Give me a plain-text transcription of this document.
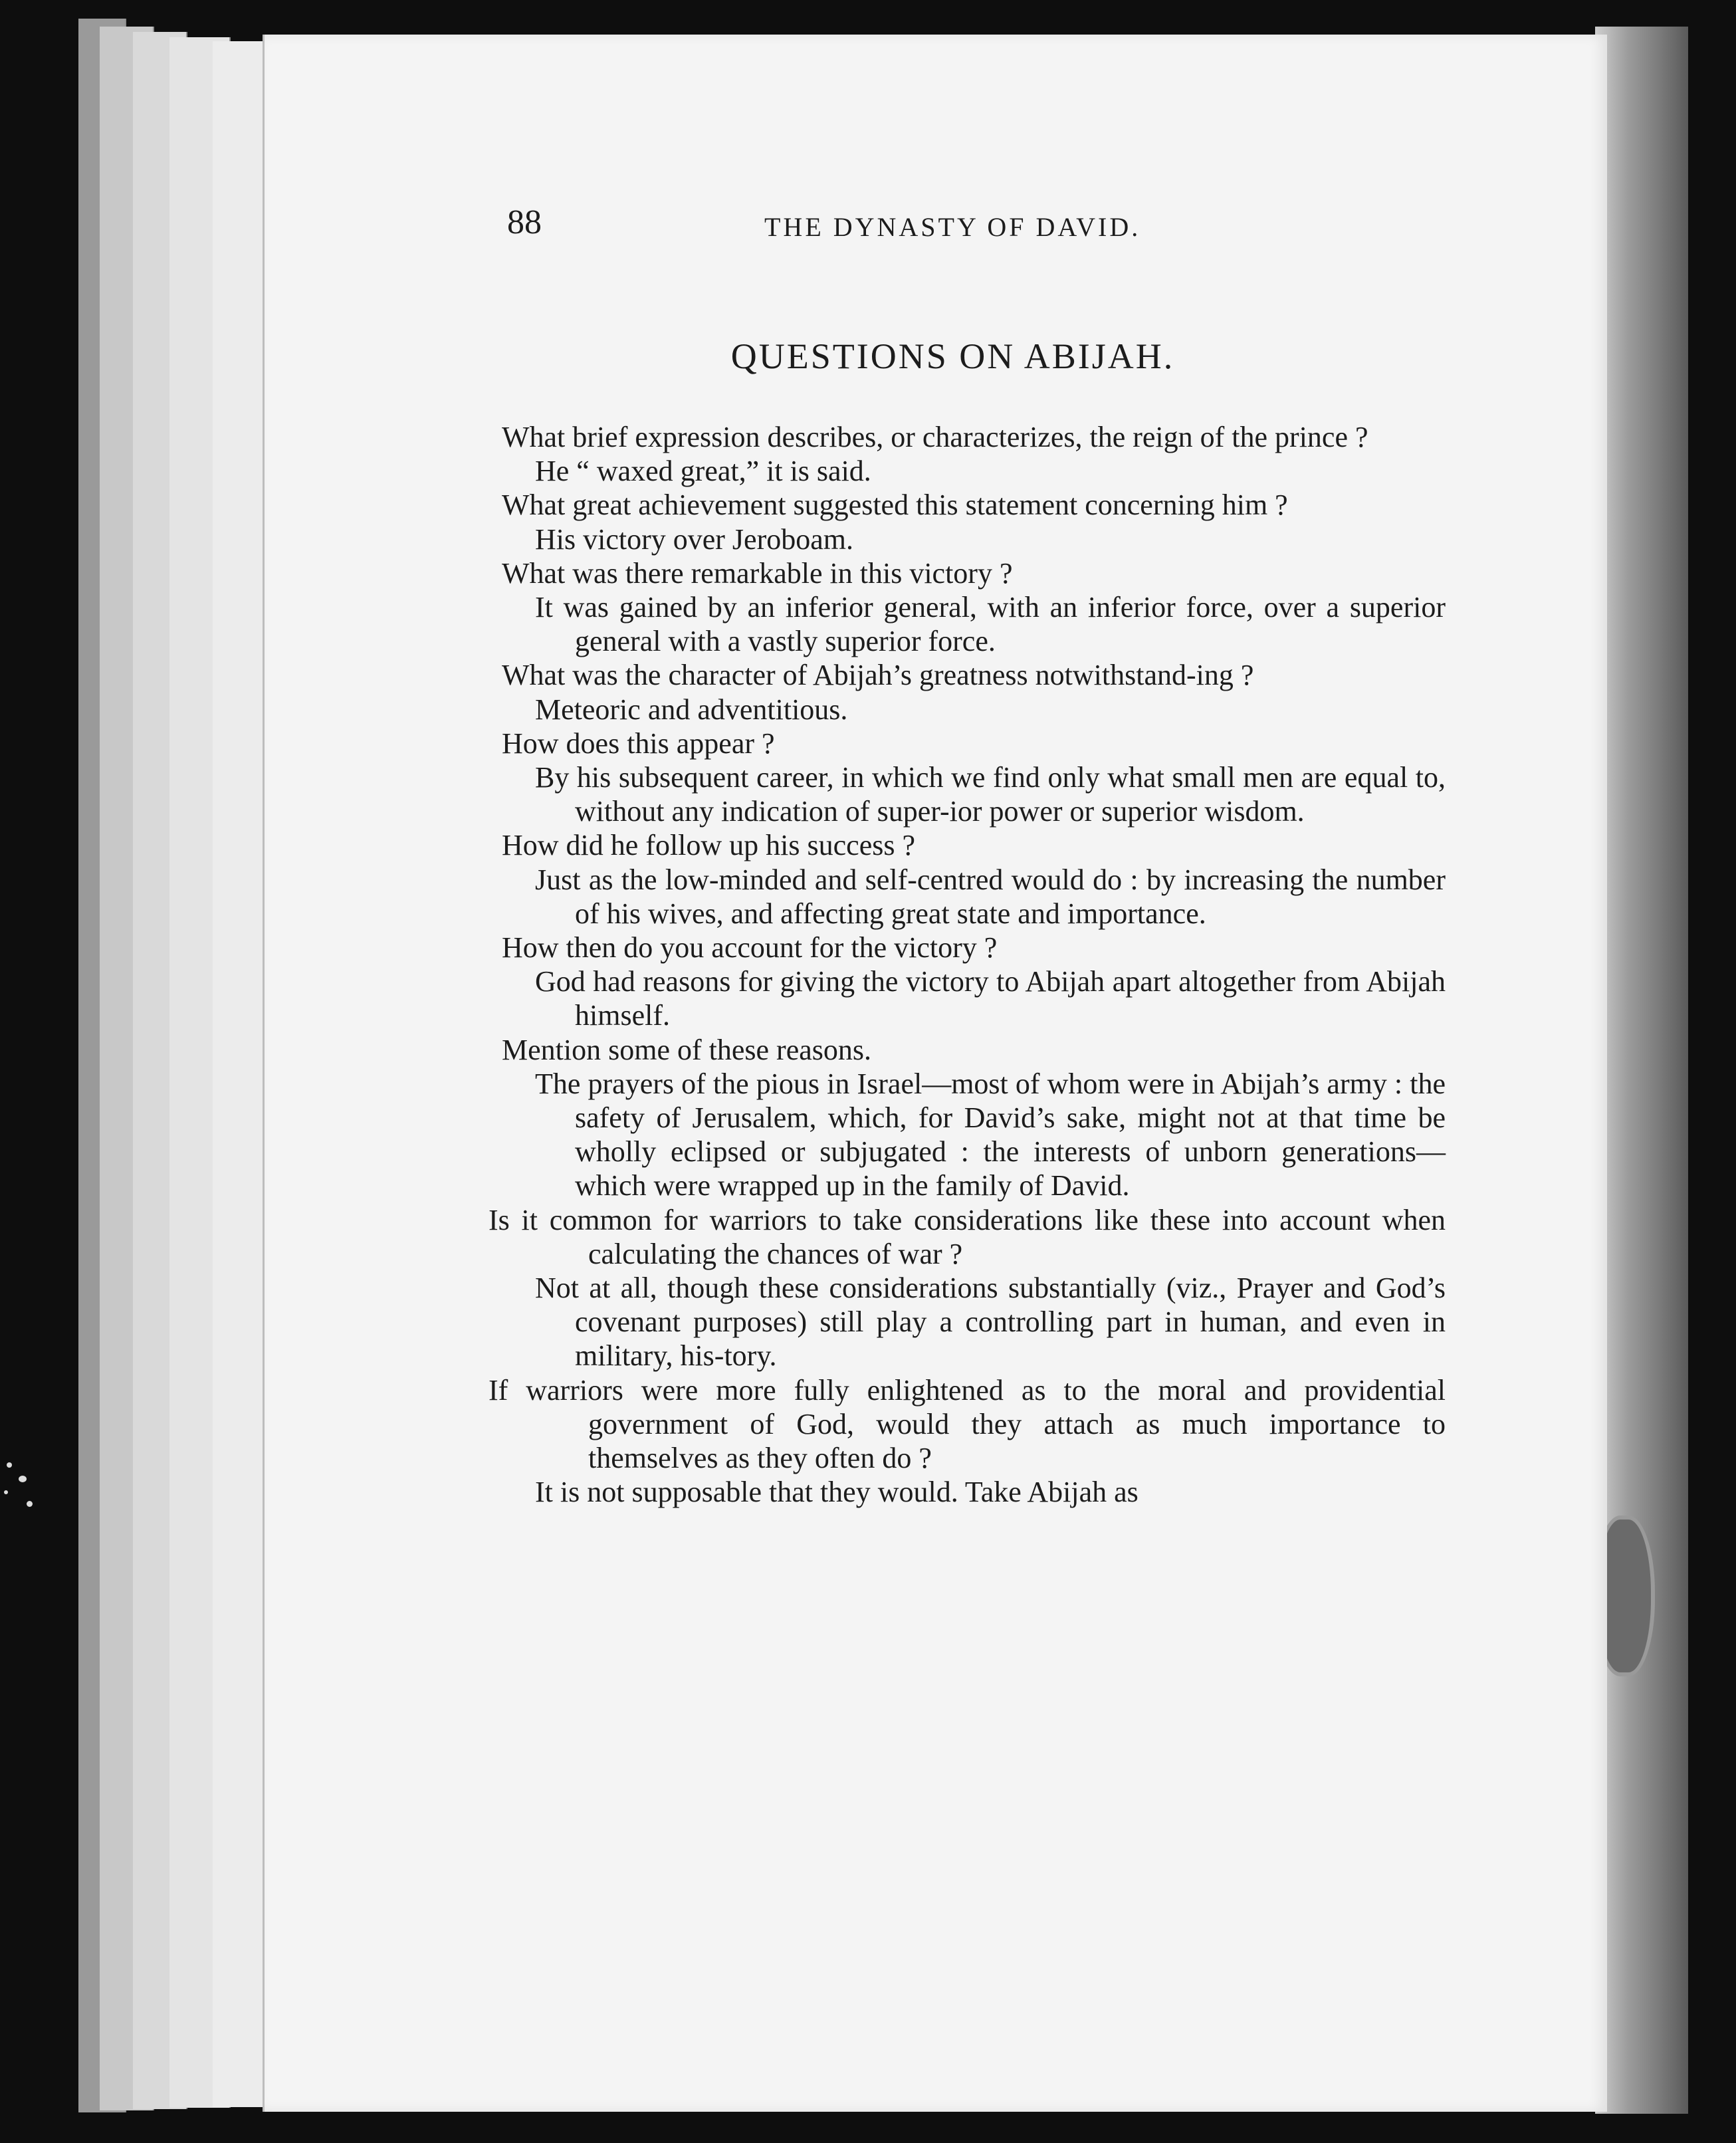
88	THE DYNASTY OF DAVID.
QUESTIONS ON ABIJAH.
What brief expression describes, or characterizes, the reign of the prince ?
He “ waxed great,” it is said.
What great achievement suggested this statement concerning him ?
His victory over Jeroboam.
What was there remarkable in this victory ?
It was gained by an inferior general, with an inferior force, over a superior general with a vastly superior force.
What was the character of Abijah’s greatness notwithstand-ing ?
Meteoric and adventitious.
How does this appear ?
By his subsequent career, in which we find only what small men are equal to, without any indication of super-ior power or superior wisdom.
How did he follow up his success ?
Just as the low-minded and self-centred would do : by increasing the number of his wives, and affecting great state and importance.
How then do you account for the victory ?
God had reasons for giving the victory to Abijah apart altogether from Abijah himself.
Mention some of these reasons.
The prayers of the pious in Israel—most of whom were in Abijah’s army : the safety of Jerusalem, which, for David’s sake, might not at that time be wholly eclipsed or subjugated : the interests of unborn generations—which were wrapped up in the family of David.
Is it common for warriors to take considerations like these into account when calculating the chances of war ?
Not at all, though these considerations substantially (viz., Prayer and God’s covenant purposes) still play a controlling part in human, and even in military, his-tory.
If warriors were more fully enlightened as to the moral and providential government of God, would they attach as much importance to themselves as they often do ?
It is not supposable that they would. Take Abijah as
